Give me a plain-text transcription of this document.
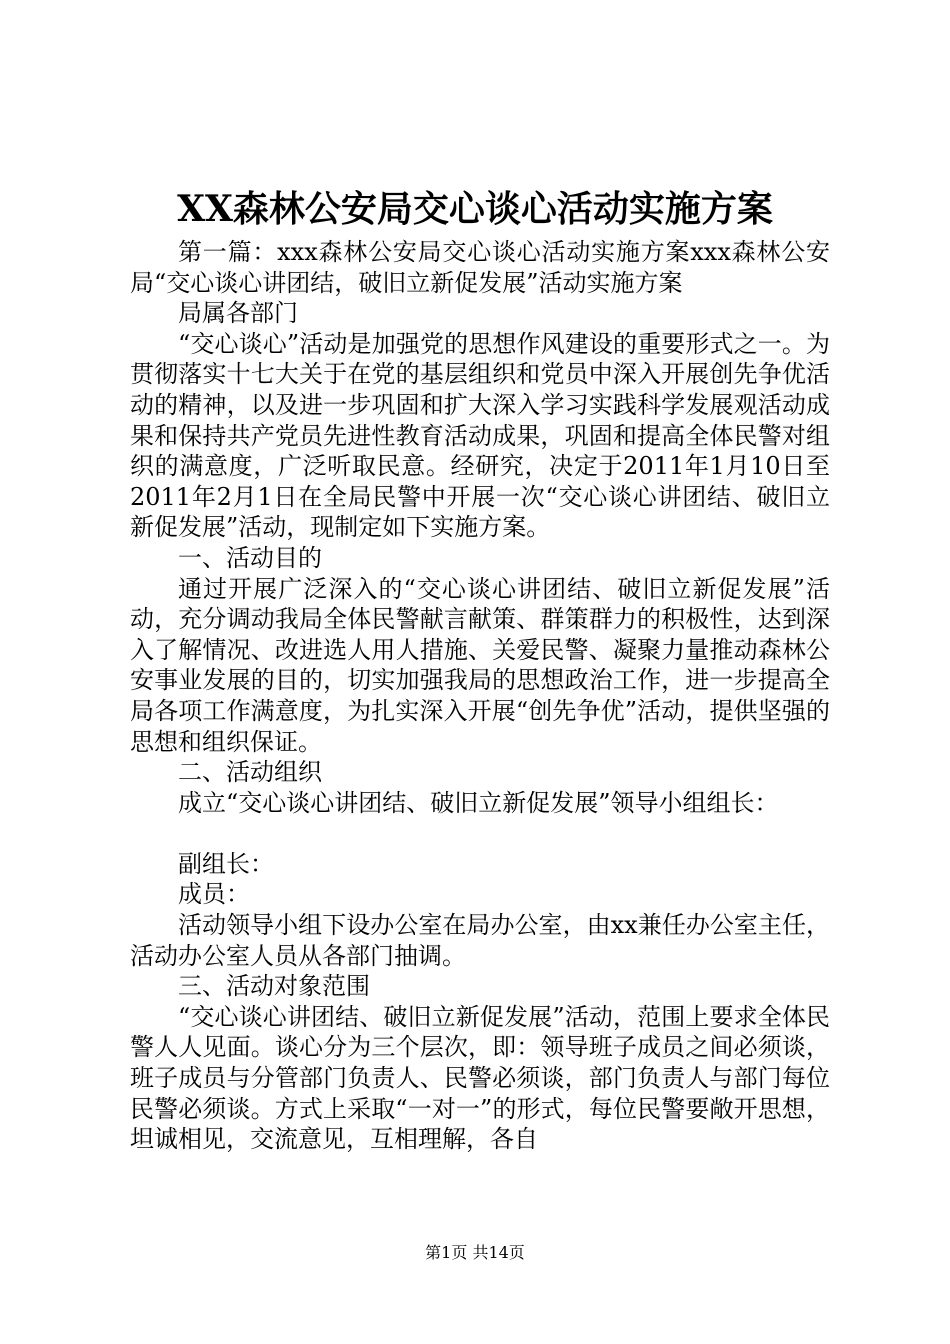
XX森林公安局交心谈心活动实施方案

第一篇：xxx森林公安局交心谈心活动实施方案xxx森林公安局“交心谈心讲团结，破旧立新促发展”活动实施方案

局属各部门

“交心谈心”活动是加强党的思想作风建设的重要形式之一。为贯彻落实十七大关于在党的基层组织和党员中深入开展创先争优活动的精神，以及进一步巩固和扩大深入学习实践科学发展观活动成果和保持共产党员先进性教育活动成果，巩固和提高全体民警对组织的满意度，广泛听取民意。经研究，决定于2011年1月10日至2011年2月1日在全局民警中开展一次“交心谈心讲团结、破旧立新促发展”活动，现制定如下实施方案。

一、活动目的

通过开展广泛深入的“交心谈心讲团结、破旧立新促发展”活动，充分调动我局全体民警献言献策、群策群力的积极性，达到深入了解情况、改进选人用人措施、关爱民警、凝聚力量推动森林公安事业发展的目的，切实加强我局的思想政治工作，进一步提高全局各项工作满意度，为扎实深入开展“创先争优”活动，提供坚强的思想和组织保证。

二、活动组织

成立“交心谈心讲团结、破旧立新促发展”领导小组组长：

副组长：

成员：

活动领导小组下设办公室在局办公室，由xx兼任办公室主任，活动办公室人员从各部门抽调。

三、活动对象范围

“交心谈心讲团结、破旧立新促发展”活动，范围上要求全体民警人人见面。谈心分为三个层次，即：领导班子成员之间必须谈，班子成员与分管部门负责人、民警必须谈，部门负责人与部门每位民警必须谈。方式上采取“一对一”的形式，每位民警要敞开思想，坦诚相见，交流意见，互相理解，各自

第1页 共14页
